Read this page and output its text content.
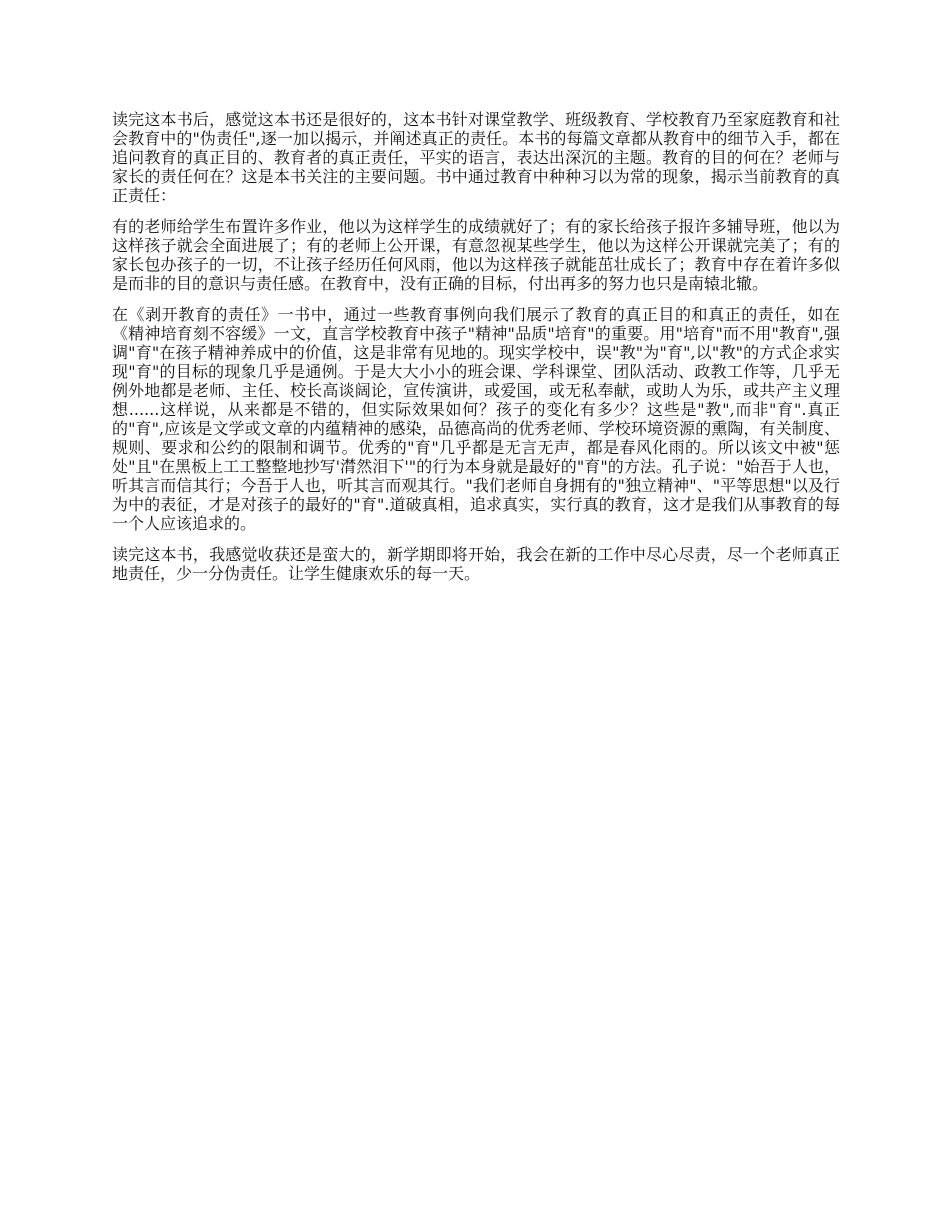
读完这本书后，感觉这本书还是很好的，这本书针对课堂教学、班级教育、学校教育乃至家庭教育和社会教育中的"伪责任",逐一加以揭示，并阐述真正的责任。本书的每篇文章都从教育中的细节入手，都在追问教育的真正目的、教育者的真正责任，平实的语言，表达出深沉的主题。教育的目的何在？老师与家长的责任何在？这是本书关注的主要问题。书中通过教育中种种习以为常的现象，揭示当前教育的真正责任：

有的老师给学生布置许多作业，他以为这样学生的成绩就好了；有的家长给孩子报许多辅导班，他以为这样孩子就会全面进展了；有的老师上公开课，有意忽视某些学生，他以为这样公开课就完美了；有的家长包办孩子的一切，不让孩子经历任何风雨，他以为这样孩子就能茁壮成长了；教育中存在着许多似是而非的目的意识与责任感。在教育中，没有正确的目标，付出再多的努力也只是南辕北辙。

在《剥开教育的责任》一书中，通过一些教育事例向我们展示了教育的真正目的和真正的责任，如在《精神培育刻不容缓》一文，直言学校教育中孩子"精神"品质"培育"的重要。用"培育"而不用"教育",强调"育"在孩子精神养成中的价值，这是非常有见地的。现实学校中，误"教"为"育",以"教"的方式企求实现"育"的目标的现象几乎是通例。于是大大小小的班会课、学科课堂、团队活动、政教工作等，几乎无例外地都是老师、主任、校长高谈阔论，宣传演讲，或爱国，或无私奉献，或助人为乐，或共产主义理想......这样说，从来都是不错的，但实际效果如何？孩子的变化有多少？这些是"教",而非"育".真正的"育",应该是文学或文章的内蕴精神的感染，品德高尚的优秀老师、学校环境资源的熏陶，有关制度、规则、要求和公约的限制和调节。优秀的"育"几乎都是无言无声，都是春风化雨的。所以该文中被"惩处"且"在黑板上工工整整地抄写'潸然泪下'"的行为本身就是最好的"育"的方法。孔子说："始吾于人也，听其言而信其行；今吾于人也，听其言而观其行。"我们老师自身拥有的"独立精神"、"平等思想"以及行为中的表征，才是对孩子的最好的"育".道破真相，追求真实，实行真的教育，这才是我们从事教育的每一个人应该追求的。

读完这本书，我感觉收获还是蛮大的，新学期即将开始，我会在新的工作中尽心尽责，尽一个老师真正地责任，少一分伪责任。让学生健康欢乐的每一天。
